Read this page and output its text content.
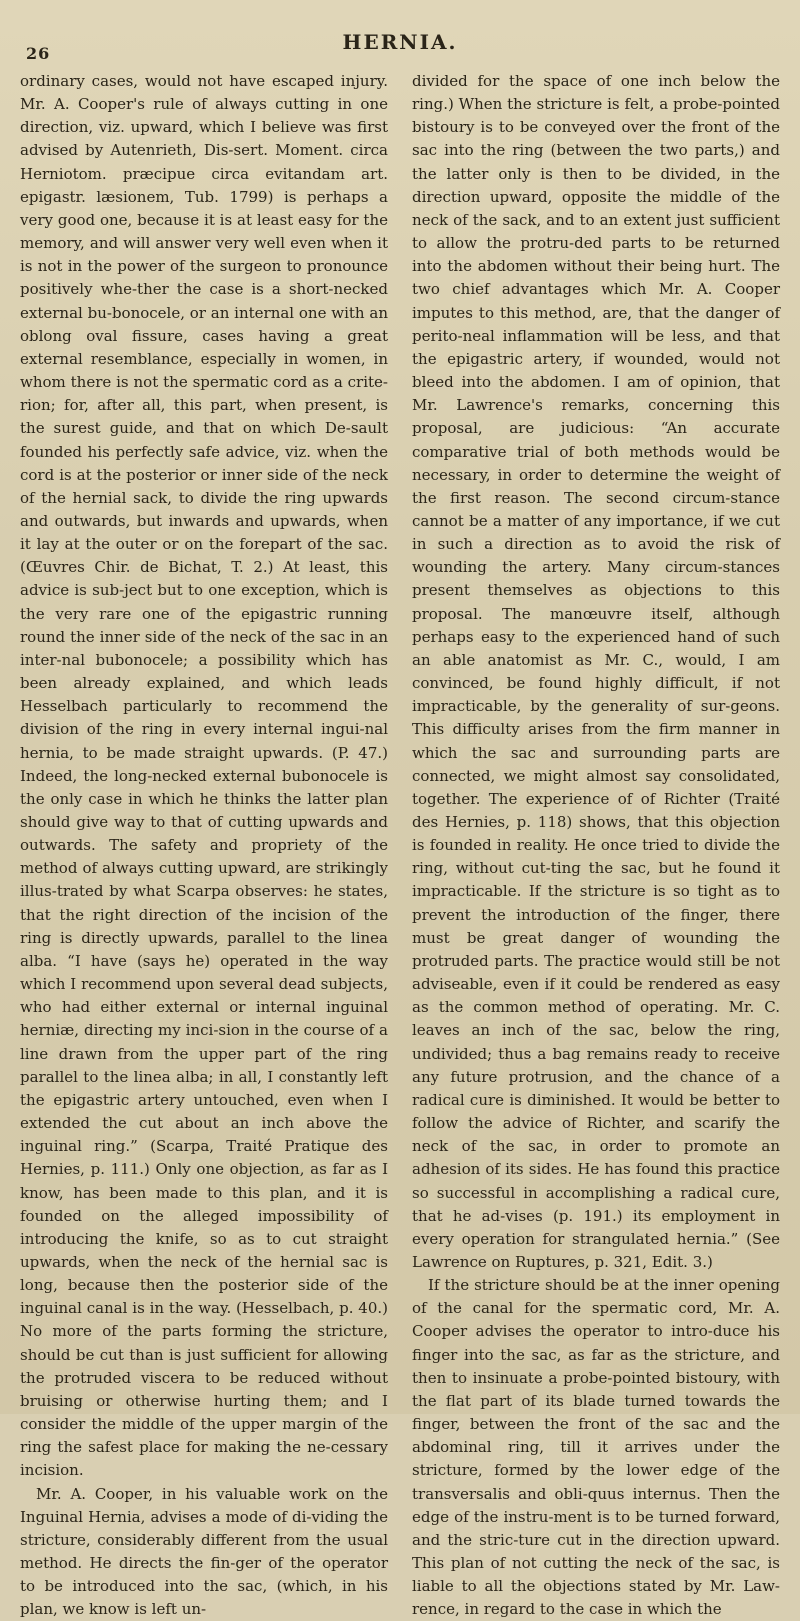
26	HERNIA.

ordinary cases, would not have escaped injury. Mr. A. Cooper's rule of always cutting in one direction, viz. upward, which I believe was first advised by Autenrieth, Dis-sert. Moment. circa Herniotom. præcipue circa evitandam art. epigastr. læsionem, Tub. 1799) is perhaps a very good one, because it is at least easy for the memory, and will answer very well even when it is not in the power of the surgeon to pronounce positively whe-ther the case is a short-necked external bu-bonocele, or an internal one with an oblong oval fissure, cases having a great external resemblance, especially in women, in whom there is not the spermatic cord as a crite-rion; for, after all, this part, when present, is the surest guide, and that on which De-sault founded his perfectly safe advice, viz. when the cord is at the posterior or inner side of the neck of the hernial sack, to divide the ring upwards and outwards, but inwards and upwards, when it lay at the outer or on the forepart of the sac. (Œuvres Chir. de Bichat, T. 2.) At least, this advice is sub-ject but to one exception, which is the very rare one of the epigastric running round the inner side of the neck of the sac in an inter-nal bubonocele; a possibility which has been already explained, and which leads Hesselbach particularly to recommend the division of the ring in every internal ingui-nal hernia, to be made straight upwards. (P. 47.) Indeed, the long-necked external bubonocele is the only case in which he thinks the latter plan should give way to that of cutting upwards and outwards. The safety and propriety of the method of always cutting upward, are strikingly illus-trated by what Scarpa observes: he states, that the right direction of the incision of the ring is directly upwards, parallel to the linea alba. “I have (says he) operated in the way which I recommend upon several dead subjects, who had either external or internal inguinal herniæ, directing my inci-sion in the course of a line drawn from the upper part of the ring parallel to the linea alba; in all, I constantly left the epigastric artery untouched, even when I extended the cut about an inch above the inguinal ring.” (Scarpa, Traité Pratique des Hernies, p. 111.) Only one objection, as far as I know, has been made to this plan, and it is founded on the alleged impossibility of introducing the knife, so as to cut straight upwards, when the neck of the hernial sac is long, because then the posterior side of the inguinal canal is in the way. (Hesselbach, p. 40.) No more of the parts forming the stricture, should be cut than is just sufficient for allowing the protruded viscera to be reduced without bruising or otherwise hurting them; and I consider the middle of the upper margin of the ring the safest place for making the ne-cessary incision.

Mr. A. Cooper, in his valuable work on the Inguinal Hernia, advises a mode of di-viding the stricture, considerably different from the usual method. He directs the fin-ger of the operator to be introduced into the sac, (which, in his plan, we know is left un-

divided for the space of one inch below the ring.) When the stricture is felt, a probe-pointed bistoury is to be conveyed over the front of the sac into the ring (between the two parts,) and the latter only is then to be divided, in the direction upward, opposite the middle of the neck of the sack, and to an extent just sufficient to allow the protru-ded parts to be returned into the abdomen without their being hurt. The two chief advantages which Mr. A. Cooper imputes to this method, are, that the danger of perito-neal inflammation will be less, and that the epigastric artery, if wounded, would not bleed into the abdomen. I am of opinion, that Mr. Lawrence's remarks, concerning this proposal, are judicious: “An accurate comparative trial of both methods would be necessary, in order to determine the weight of the first reason. The second circum-stance cannot be a matter of any importance, if we cut in such a direction as to avoid the risk of wounding the artery. Many circum-stances present themselves as objections to this proposal. The manœuvre itself, although perhaps easy to the experienced hand of such an able anatomist as Mr. C., would, I am convinced, be found highly difficult, if not impracticable, by the generality of sur-geons. This difficulty arises from the firm manner in which the sac and surrounding parts are connected, we might almost say consolidated, together. The experience of of Richter (Traité des Hernies, p. 118) shows, that this objection is founded in reality. He once tried to divide the ring, without cut-ting the sac, but he found it impracticable. If the stricture is so tight as to prevent the introduction of the finger, there must be great danger of wounding the protruded parts. The practice would still be not adviseable, even if it could be rendered as easy as the common method of operating. Mr. C. leaves an inch of the sac, below the ring, undivided; thus a bag remains ready to receive any future protrusion, and the chance of a radical cure is diminished. It would be better to follow the advice of Richter, and scarify the neck of the sac, in order to promote an adhesion of its sides. He has found this practice so successful in accomplishing a radical cure, that he ad-vises (p. 191.) its employment in every operation for strangulated hernia.” (See Lawrence on Ruptures, p. 321, Edit. 3.)

If the stricture should be at the inner opening of the canal for the spermatic cord, Mr. A. Cooper advises the operator to intro-duce his finger into the sac, as far as the stricture, and then to insinuate a probe-pointed bistoury, with the flat part of its blade turned towards the finger, between the front of the sac and the abdominal ring, till it arrives under the stricture, formed by the lower edge of the transversalis and obli-quus internus. Then the edge of the instru-ment is to be turned forward, and the stric-ture cut in the direction upward. This plan of not cutting the neck of the sac, is liable to all the objections stated by Mr. Law-rence, in regard to the case in which the
